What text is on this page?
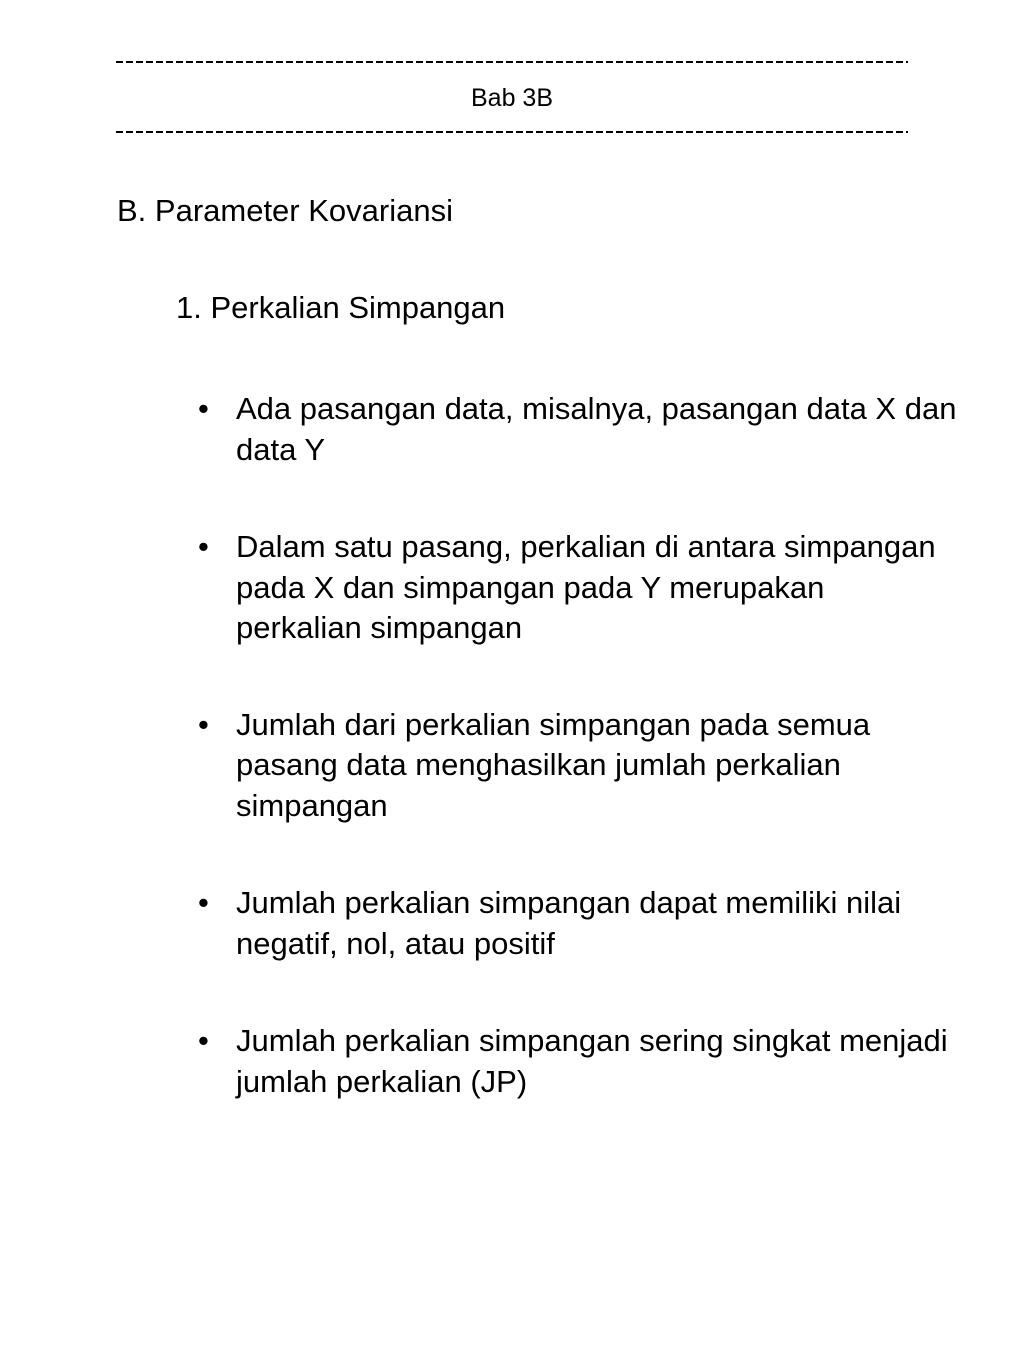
Bab 3B
B. Parameter Kovariansi
1. Perkalian Simpangan
• Ada pasangan data, misalnya, pasangan data X dan data Y
• Dalam satu pasang, perkalian di antara simpangan pada X dan simpangan pada Y merupakan perkalian simpangan
• Jumlah dari perkalian simpangan pada semua pasang data menghasilkan jumlah perkalian simpangan
• Jumlah perkalian simpangan dapat memiliki nilai negatif, nol, atau positif
• Jumlah perkalian simpangan sering singkat menjadi jumlah perkalian (JP)
